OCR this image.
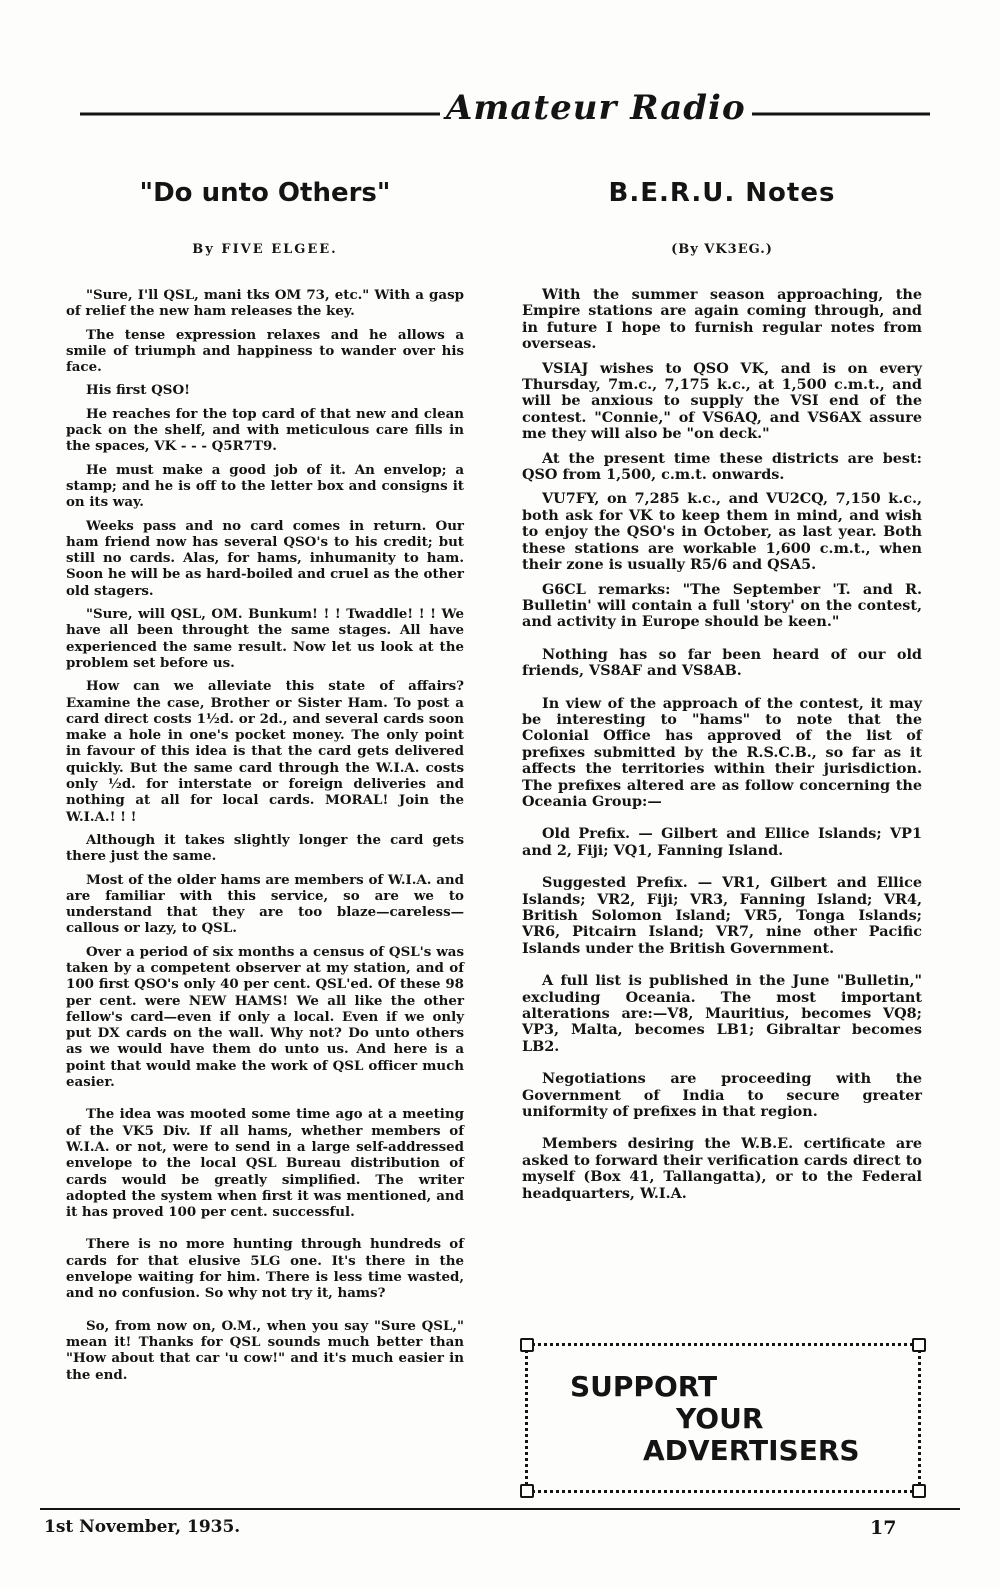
Amateur Radio
"Do unto Others"
By FIVE ELGEE.

"Sure, I'll QSL, mani tks OM 73, etc." With a gasp of relief the new ham releases the key.

The tense expression relaxes and he allows a smile of triumph and happiness to wander over his face.

His first QSO!

He reaches for the top card of that new and clean pack on the shelf, and with meticulous care fills in the spaces, VK - - - Q5R7T9.

He must make a good job of it. An envelop; a stamp; and he is off to the letter box and consigns it on its way.

Weeks pass and no card comes in return. Our ham friend now has several QSO's to his credit; but still no cards. Alas, for hams, inhumanity to ham. Soon he will be as hard-boiled and cruel as the other old stagers.

"Sure, will QSL, OM. Bunkum! ! ! Twaddle! ! ! We have all been throught the same stages. All have experienced the same result. Now let us look at the problem set before us.

How can we alleviate this state of affairs? Examine the case, Brother or Sister Ham. To post a card direct costs 1½d. or 2d., and several cards soon make a hole in one's pocket money. The only point in favour of this idea is that the card gets delivered quickly. But the same card through the W.I.A. costs only ½d. for interstate or foreign deliveries and nothing at all for local cards. MORAL! Join the W.I.A.! ! !

Although it takes slightly longer the card gets there just the same.

Most of the older hams are members of W.I.A. and are familiar with this service, so are we to understand that they are too blaze—careless—callous or lazy, to QSL.

Over a period of six months a census of QSL's was taken by a competent observer at my station, and of 100 first QSO's only 40 per cent. QSL'ed. Of these 98 per cent. were NEW HAMS! We all like the other fellow's card—even if only a local. Even if we only put DX cards on the wall. Why not? Do unto others as we would have them do unto us. And here is a point that would make the work of QSL officer much easier.

The idea was mooted some time ago at a meeting of the VK5 Div. If all hams, whether members of W.I.A. or not, were to send in a large self-addressed envelope to the local QSL Bureau distribution of cards would be greatly simplified. The writer adopted the system when first it was mentioned, and it has proved 100 per cent. successful.

There is no more hunting through hundreds of cards for that elusive 5LG one. It's there in the envelope waiting for him. There is less time wasted, and no confusion. So why not try it, hams?

So, from now on, O.M., when you say "Sure QSL," mean it! Thanks for QSL sounds much better than "How about that car 'u cow!" and it's much easier in the end.

B.E.R.U. Notes
(By VK3EG.)

With the summer season approaching, the Empire stations are again coming through, and in future I hope to furnish regular notes from overseas.

VSIAJ wishes to QSO VK, and is on every Thursday, 7m.c., 7,175 k.c., at 1,500 c.m.t., and will be anxious to supply the VSI end of the contest. "Connie," of VS6AQ, and VS6AX assure me they will also be "on deck."

At the present time these districts are best: QSO from 1,500, c.m.t. onwards.

VU7FY, on 7,285 k.c., and VU2CQ, 7,150 k.c., both ask for VK to keep them in mind, and wish to enjoy the QSO's in October, as last year. Both these stations are workable 1,600 c.m.t., when their zone is usually R5/6 and QSA5.

G6CL remarks: "The September 'T. and R. Bulletin' will contain a full 'story' on the contest, and activity in Europe should be keen."

Nothing has so far been heard of our old friends, VS8AF and VS8AB.

In view of the approach of the contest, it may be interesting to "hams" to note that the Colonial Office has approved of the list of prefixes submitted by the R.S.C.B., so far as it affects the territories within their jurisdiction. The prefixes altered are as follow concerning the Oceania Group:—

Old Prefix. — Gilbert and Ellice Islands; VP1 and 2, Fiji; VQ1, Fanning Island.

Suggested Prefix. — VR1, Gilbert and Ellice Islands; VR2, Fiji; VR3, Fanning Island; VR4, British Solomon Island; VR5, Tonga Islands; VR6, Pitcairn Island; VR7, nine other Pacific Islands under the British Government.

A full list is published in the June "Bulletin," excluding Oceania. The most important alterations are:—V8, Mauritius, becomes VQ8; VP3, Malta, becomes LB1; Gibraltar becomes LB2.

Negotiations are proceeding with the Government of India to secure greater uniformity of prefixes in that region.

Members desiring the W.B.E. certificate are asked to forward their verification cards direct to myself (Box 41, Tallangatta), or to the Federal headquarters, W.I.A.

SUPPORT
YOUR
ADVERTISERS
1st November, 1935.	17
